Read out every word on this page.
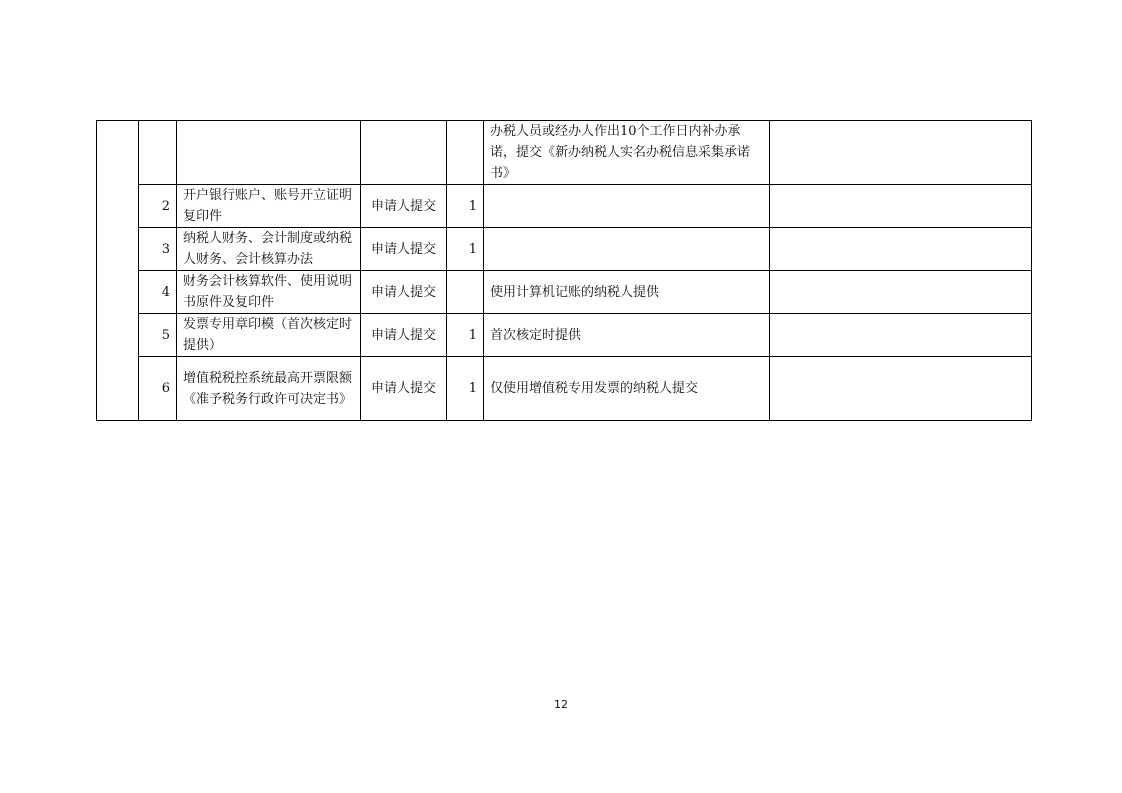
					办税人员或经办人作出10个工作日内补办承诺，提交《新办纳税人实名办税信息采集承诺书》	
	2	开户银行账户、账号开立证明复印件	申请人提交	1		
	3	纳税人财务、会计制度或纳税人财务、会计核算办法	申请人提交	1		
	4	财务会计核算软件、使用说明书原件及复印件	申请人提交		使用计算机记账的纳税人提供	
	5	发票专用章印模（首次核定时提供）	申请人提交	1	首次核定时提供	
	6	增值税税控系统最高开票限额《准予税务行政许可决定书》	申请人提交	1	仅使用增值税专用发票的纳税人提交	
12
